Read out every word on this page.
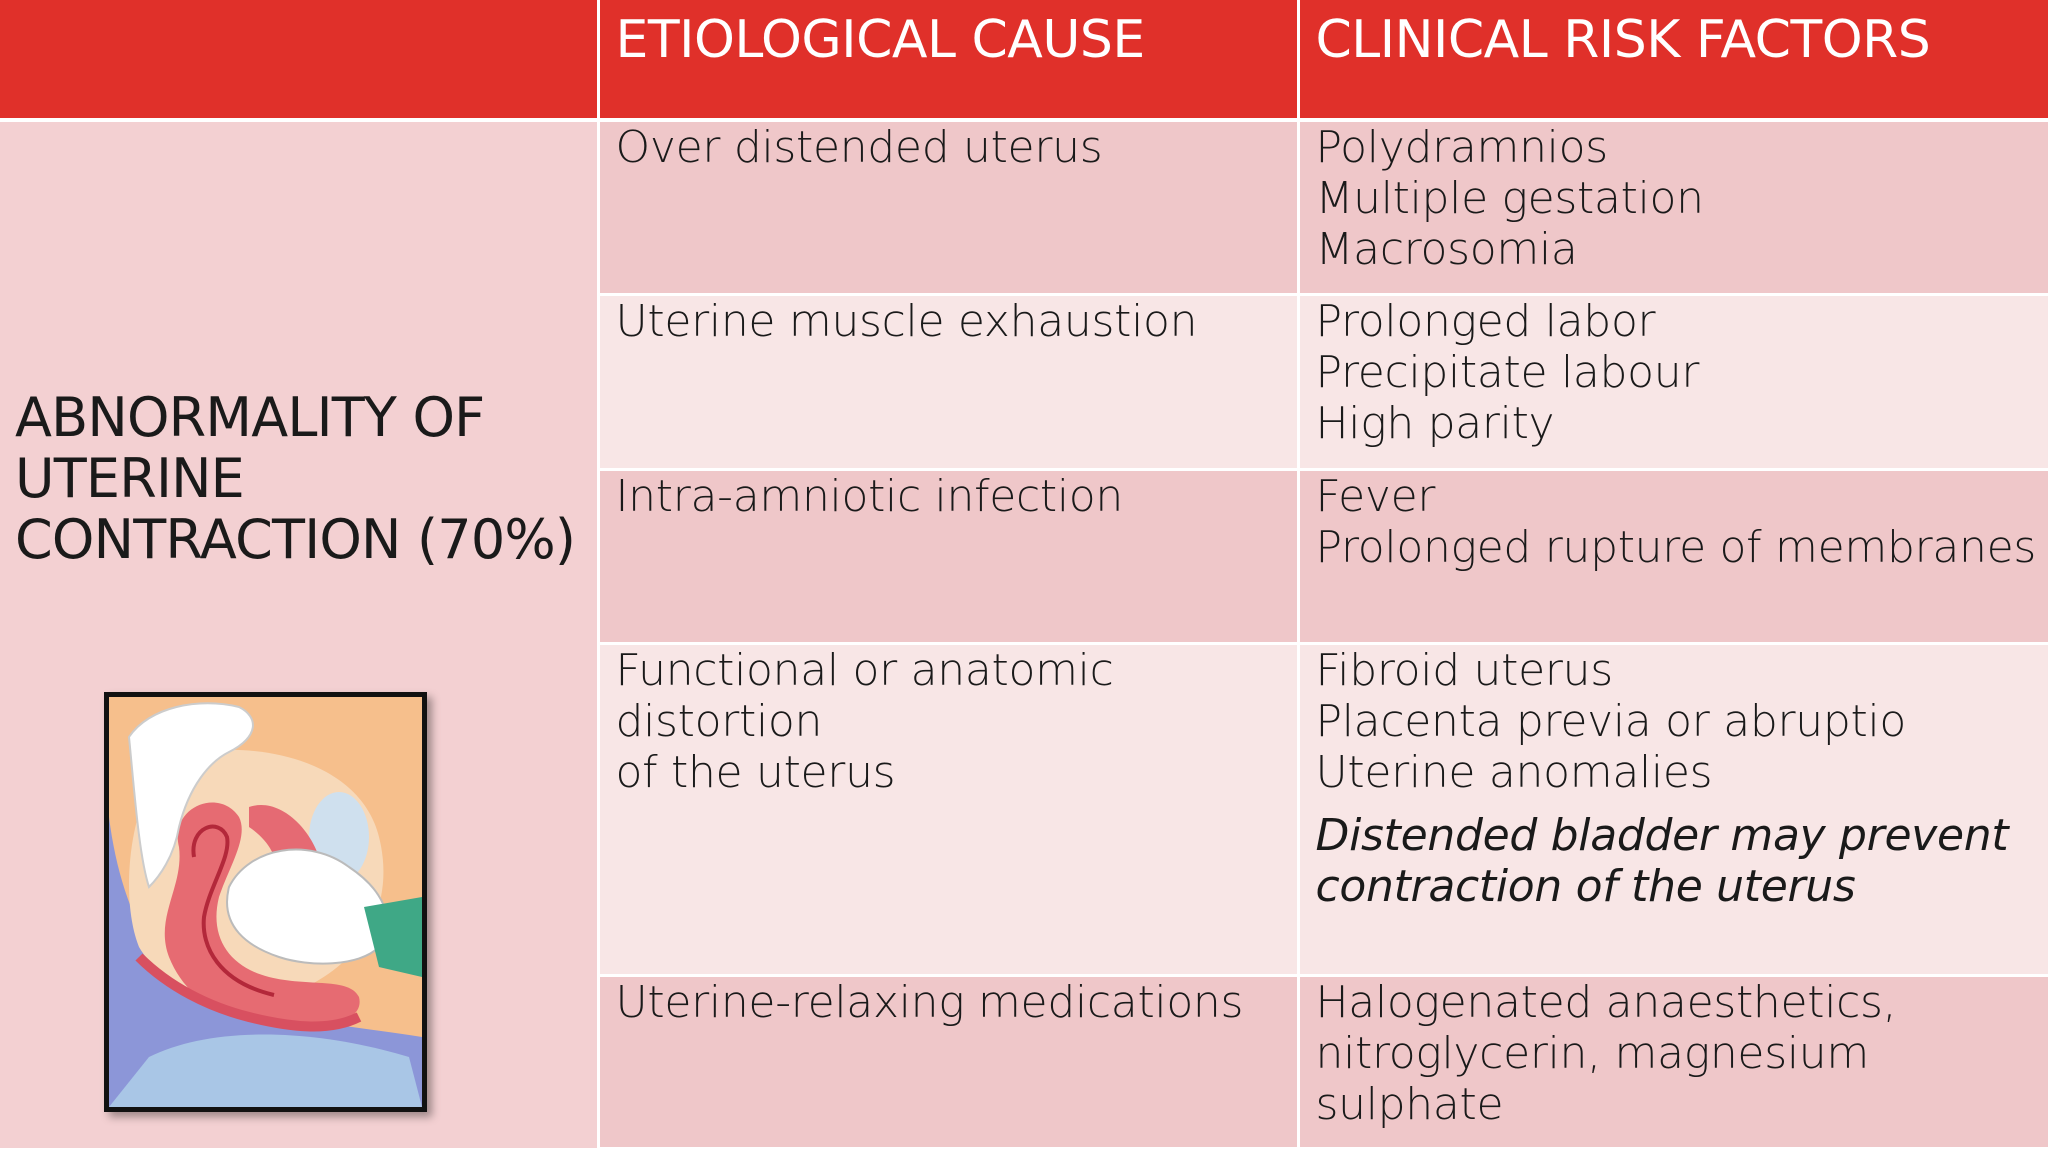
	ETIOLOGICAL CAUSE	CLINICAL RISK FACTORS

ABNORMALITY OF
UTERINE
CONTRACTION (70%)	Over distended uterus	Polydramnios
Multiple gestation
Macrosomia

	Uterine muscle exhaustion	Prolonged labor
Precipitate labour
High parity

	Intra-amniotic infection	Fever
Prolonged rupture of membranes

	Functional or anatomic distortion
of the uterus	Fibroid uterus
Placenta previa or abruptio
Uterine anomalies
Distended bladder may prevent
contraction of the uterus

	Uterine-relaxing medications	Halogenated anaesthetics,
nitroglycerin, magnesium sulphate
